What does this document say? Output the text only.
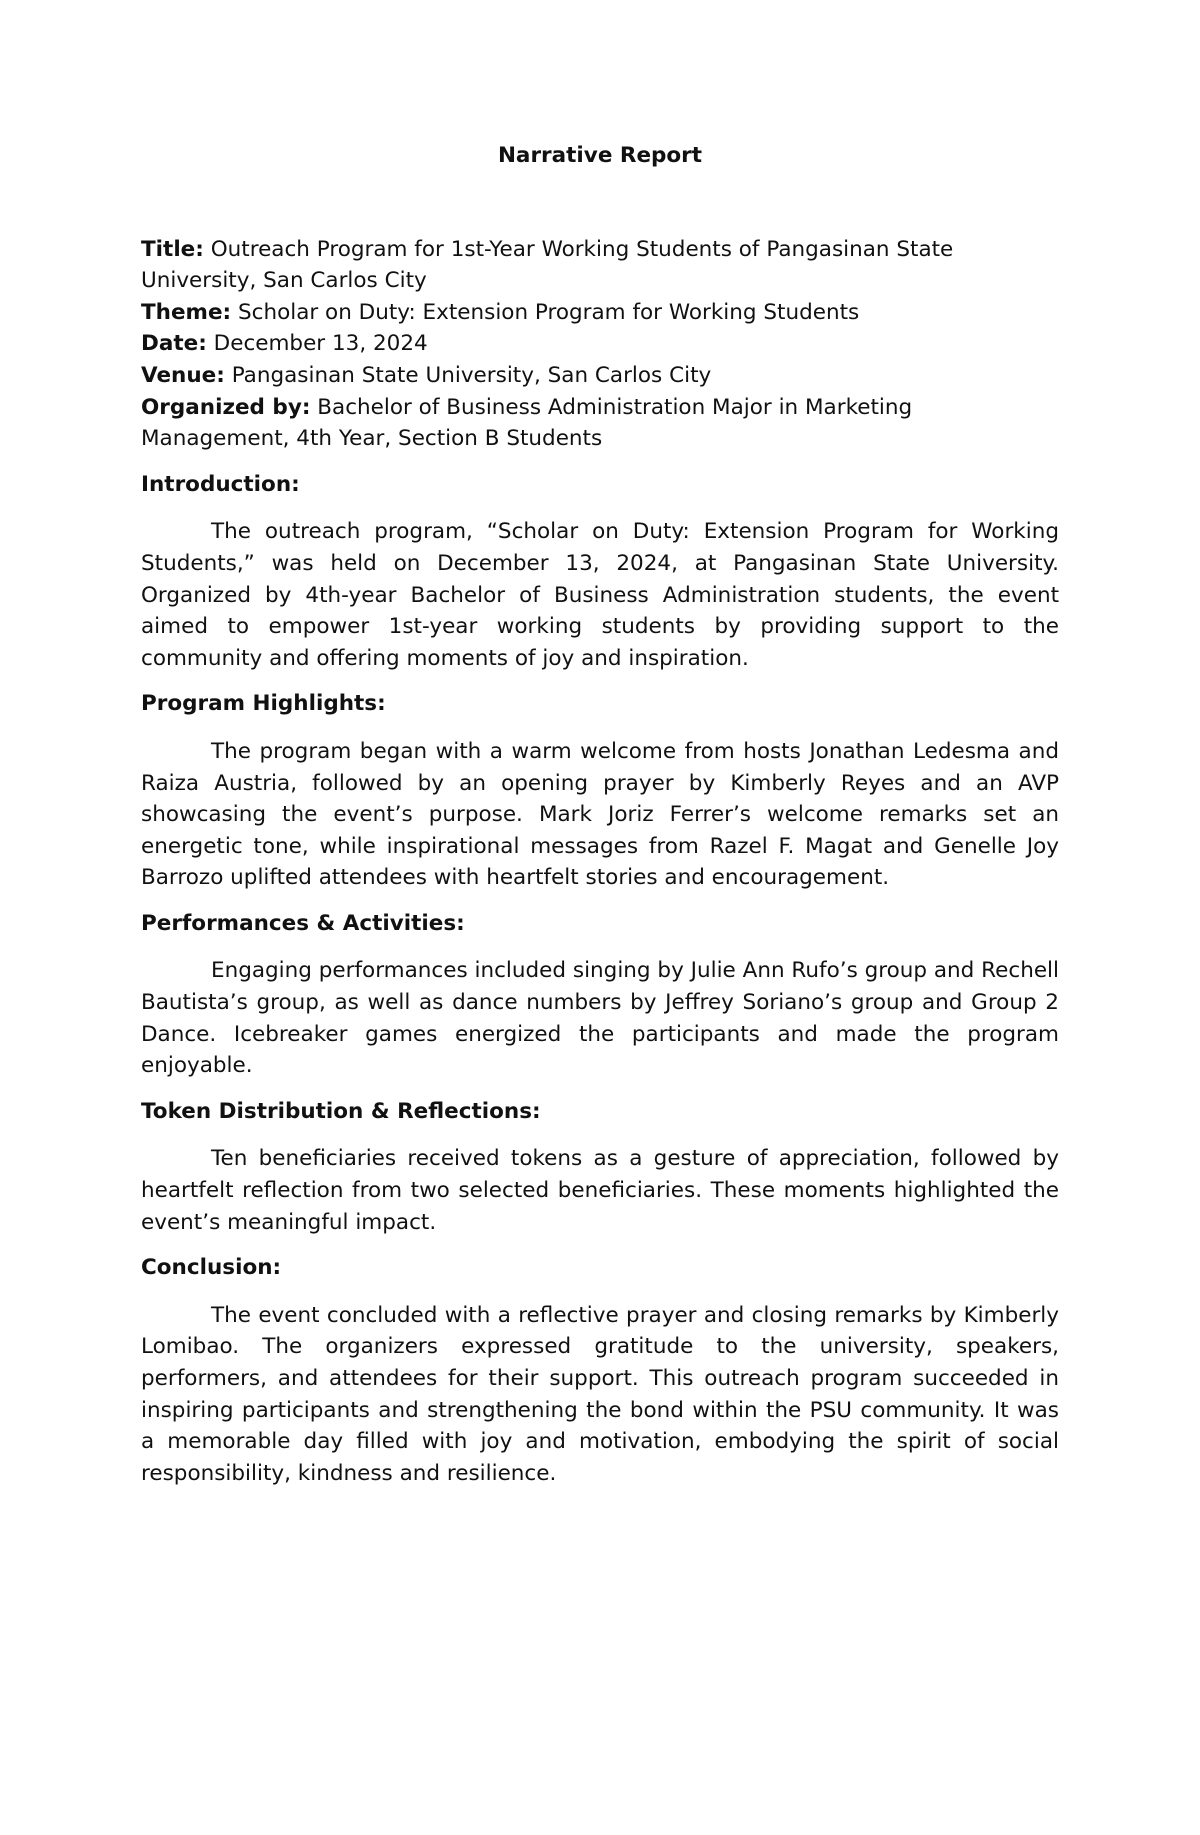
Narrative Report
Title: Outreach Program for 1st-Year Working Students of Pangasinan State University, San Carlos City
Theme: Scholar on Duty: Extension Program for Working Students
Date: December 13, 2024
Venue: Pangasinan State University, San Carlos City
Organized by: Bachelor of Business Administration Major in Marketing Management, 4th Year, Section B Students
Introduction:

The outreach program, “Scholar on Duty: Extension Program for Working Students,” was held on December 13, 2024, at Pangasinan State University. Organized by 4th-year Bachelor of Business Administration students, the event aimed to empower 1st-year working students by providing support to the community and offering moments of joy and inspiration.

Program Highlights:

The program began with a warm welcome from hosts Jonathan Ledesma and Raiza Austria, followed by an opening prayer by Kimberly Reyes and an AVP showcasing the event’s purpose. Mark Joriz Ferrer’s welcome remarks set an energetic tone, while inspirational messages from Razel F. Magat and Genelle Joy Barrozo uplifted attendees with heartfelt stories and encouragement.

Performances & Activities:

Engaging performances included singing by Julie Ann Rufo’s group and Rechell Bautista’s group, as well as dance numbers by Jeffrey Soriano’s group and Group 2 Dance. Icebreaker games energized the participants and made the program enjoyable.

Token Distribution & Reflections:

Ten beneficiaries received tokens as a gesture of appreciation, followed by heartfelt reflection from two selected beneficiaries. These moments highlighted the event’s meaningful impact.

Conclusion:

The event concluded with a reflective prayer and closing remarks by Kimberly Lomibao. The organizers expressed gratitude to the university, speakers, performers, and attendees for their support. This outreach program succeeded in inspiring participants and strengthening the bond within the PSU community. It was a memorable day filled with joy and motivation, embodying the spirit of social responsibility, kindness and resilience.
